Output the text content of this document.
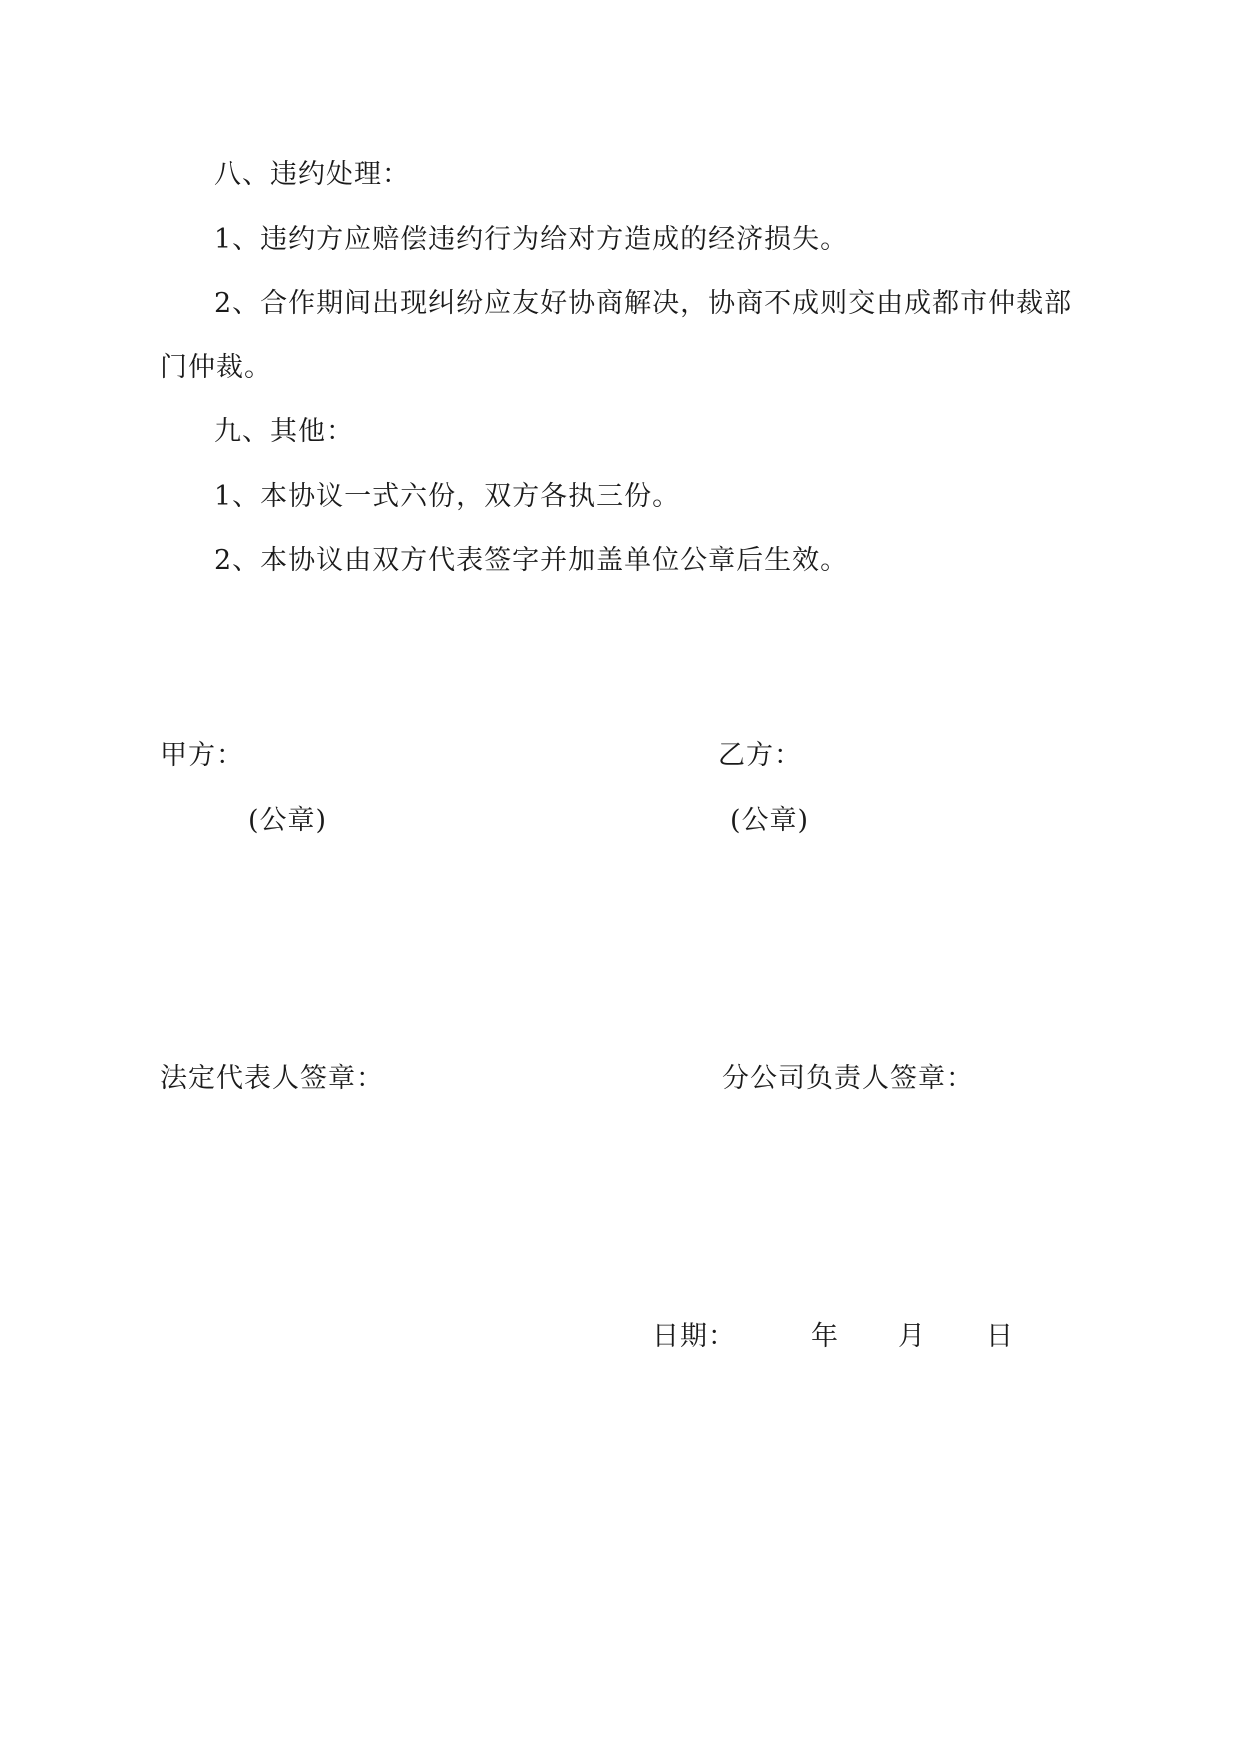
八、违约处理：
1、违约方应赔偿违约行为给对方造成的经济损失。
2、合作期间出现纠纷应友好协商解决，协商不成则交由成都市仲裁部
门仲裁。
九、其他：
1、本协议一式六份，双方各执三份。
2、本协议由双方代表签字并加盖单位公章后生效。
甲方：	乙方：
(公章)	(公章)
法定代表人签章：	分公司负责人签章：
日期：	年 月 日
